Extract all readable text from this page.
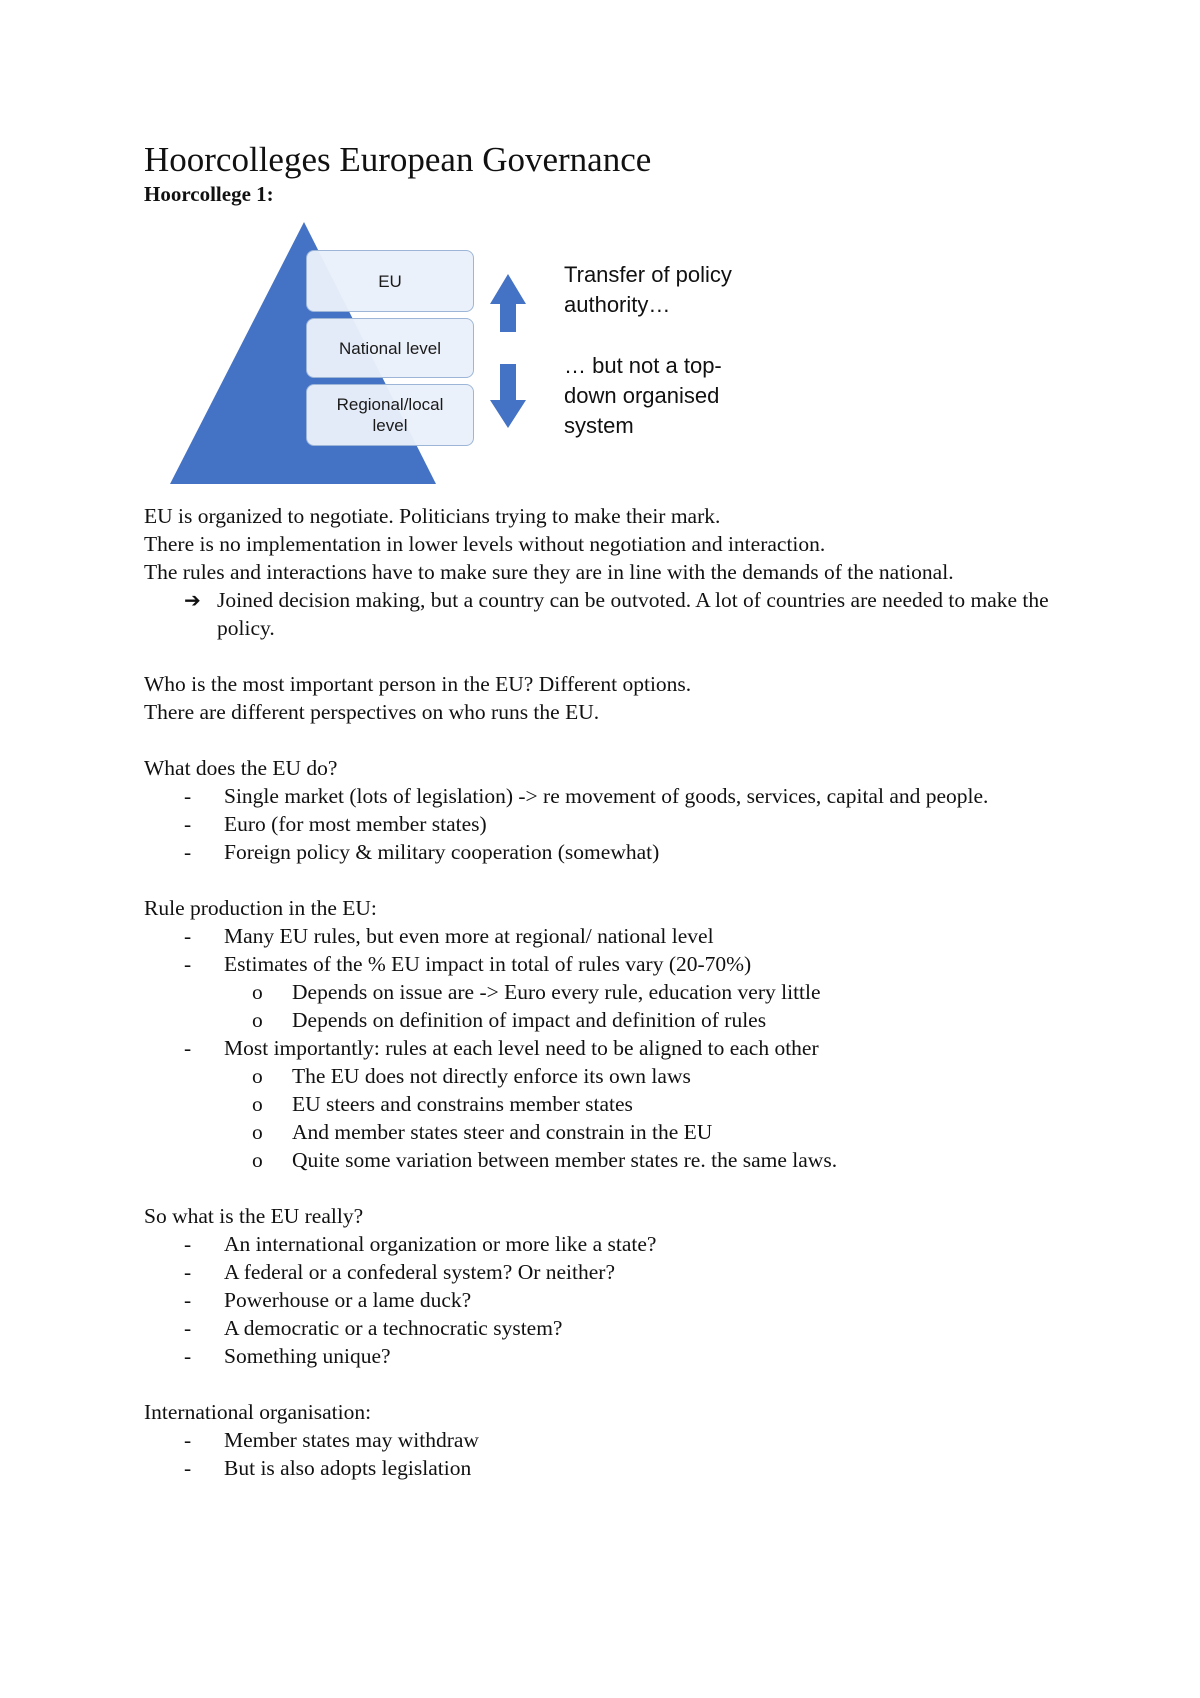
Hoorcolleges European Governance
Hoorcollege 1:
EU
National level
Regional/local level
Transfer of policy
authority…
… but not a top-
down organised
system

EU is organized to negotiate. Politicians trying to make their mark.

There is no implementation in lower levels without negotiation and interaction.

The rules and interactions have to make sure they are in line with the demands of the national.

➔ Joined decision making, but a country can be outvoted. A lot of countries are needed to make the policy.

Who is the most important person in the EU? Different options.

There are different perspectives on who runs the EU.

What does the EU do?

-	Single market (lots of legislation) -> re movement of goods, services, capital and people.
-	Euro (for most member states)
-	Foreign policy & military cooperation (somewhat)

Rule production in the EU:

-	Many EU rules, but even more at regional/ national level
-	Estimates of the % EU impact in total of rules vary (20-70%)
o	Depends on issue are -> Euro every rule, education very little
o	Depends on definition of impact and definition of rules
-	Most importantly: rules at each level need to be aligned to each other
o	The EU does not directly enforce its own laws
o	EU steers and constrains member states
o	And member states steer and constrain in the EU
o	Quite some variation between member states re. the same laws.

So what is the EU really?

-	An international organization or more like a state?
-	A federal or a confederal system? Or neither?
-	Powerhouse or a lame duck?
-	A democratic or a technocratic system?
-	Something unique?

International organisation:

-	Member states may withdraw
-	But is also adopts legislation
